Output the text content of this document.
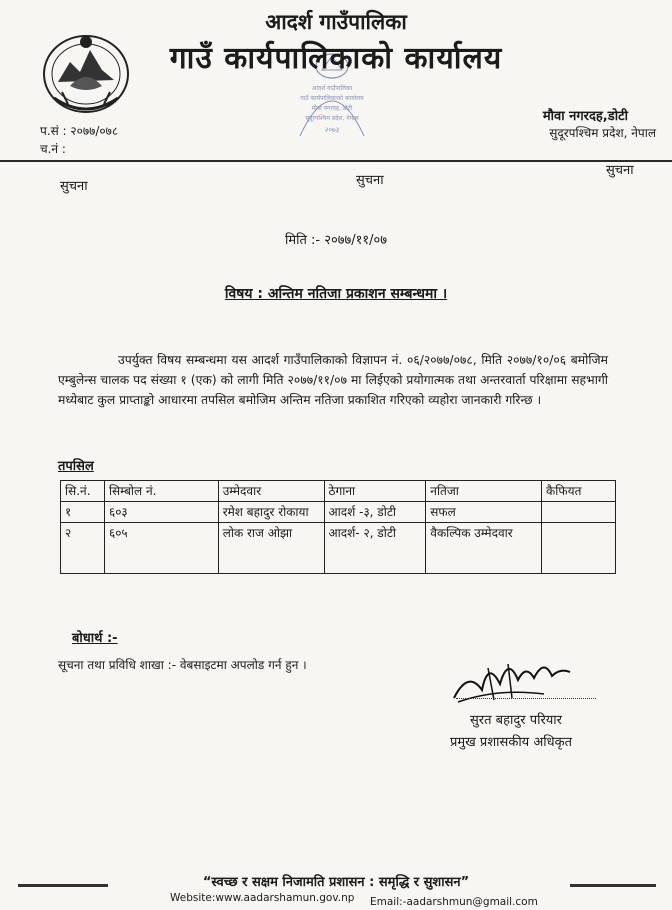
आदर्श गाउँपालिका
गाउँ कार्यपालिकाको कार्यालय
मौवा नगरदह, डोटी
सुदूरपश्चिम प्रदेश, नेपाल
२०७३
आदर्श गाउँपालिका
गाउँ कार्यपालिकाको कार्यालय
प.सं : २०७७/०७८
च.नं :
मौवा नगरदह,डोटी
सुदूरपश्चिम प्रदेश, नेपाल
सुचना	सुचना
सुचना
मिति :- २०७७/११/०७
विषय : अन्तिम नतिजा प्रकाशन सम्बन्धमा ।
उपर्युक्त विषय सम्बन्धमा यस आदर्श गाउँपालिकाको विज्ञापन नं. ०६/२०७७/०७८, मिति २०७७/१०/०६ बमोजिम एम्बुलेन्स चालक पद संख्या १ (एक) को लागी मिति २०७७/११/०७ मा लिईएको प्रयोगात्मक तथा अन्तरवार्ता परिक्षामा सहभागी मध्येबाट कुल प्राप्ताङ्को आधारमा तपसिल बमोजिम अन्तिम नतिजा प्रकाशित गरिएको व्यहोरा जानकारी गरिन्छ ।
तपसिल
सि.नं.	सिम्बोल नं.	उम्मेदवार	ठेगाना	नतिजा	कैफियत
१	६०३	रमेश बहादुर रोकाया	आदर्श -३, डोटी	सफल	
२	६०५	लोक राज ओझा	आदर्श- २, डोटी	वैकल्पिक उम्मेदवार	
बोधार्थ :-
सूचना तथा प्रविधि शाखा :- वेबसाइटमा अपलोड गर्न हुन ।
सुरत बहादुर परियार
प्रमुख प्रशासकीय अधिकृत
“स्वच्छ र सक्षम निजामति प्रशासन : समृद्धि र सुशासन”
Website:www.aadarshamun.gov.np Email:-aadarshmun@gmail.com
